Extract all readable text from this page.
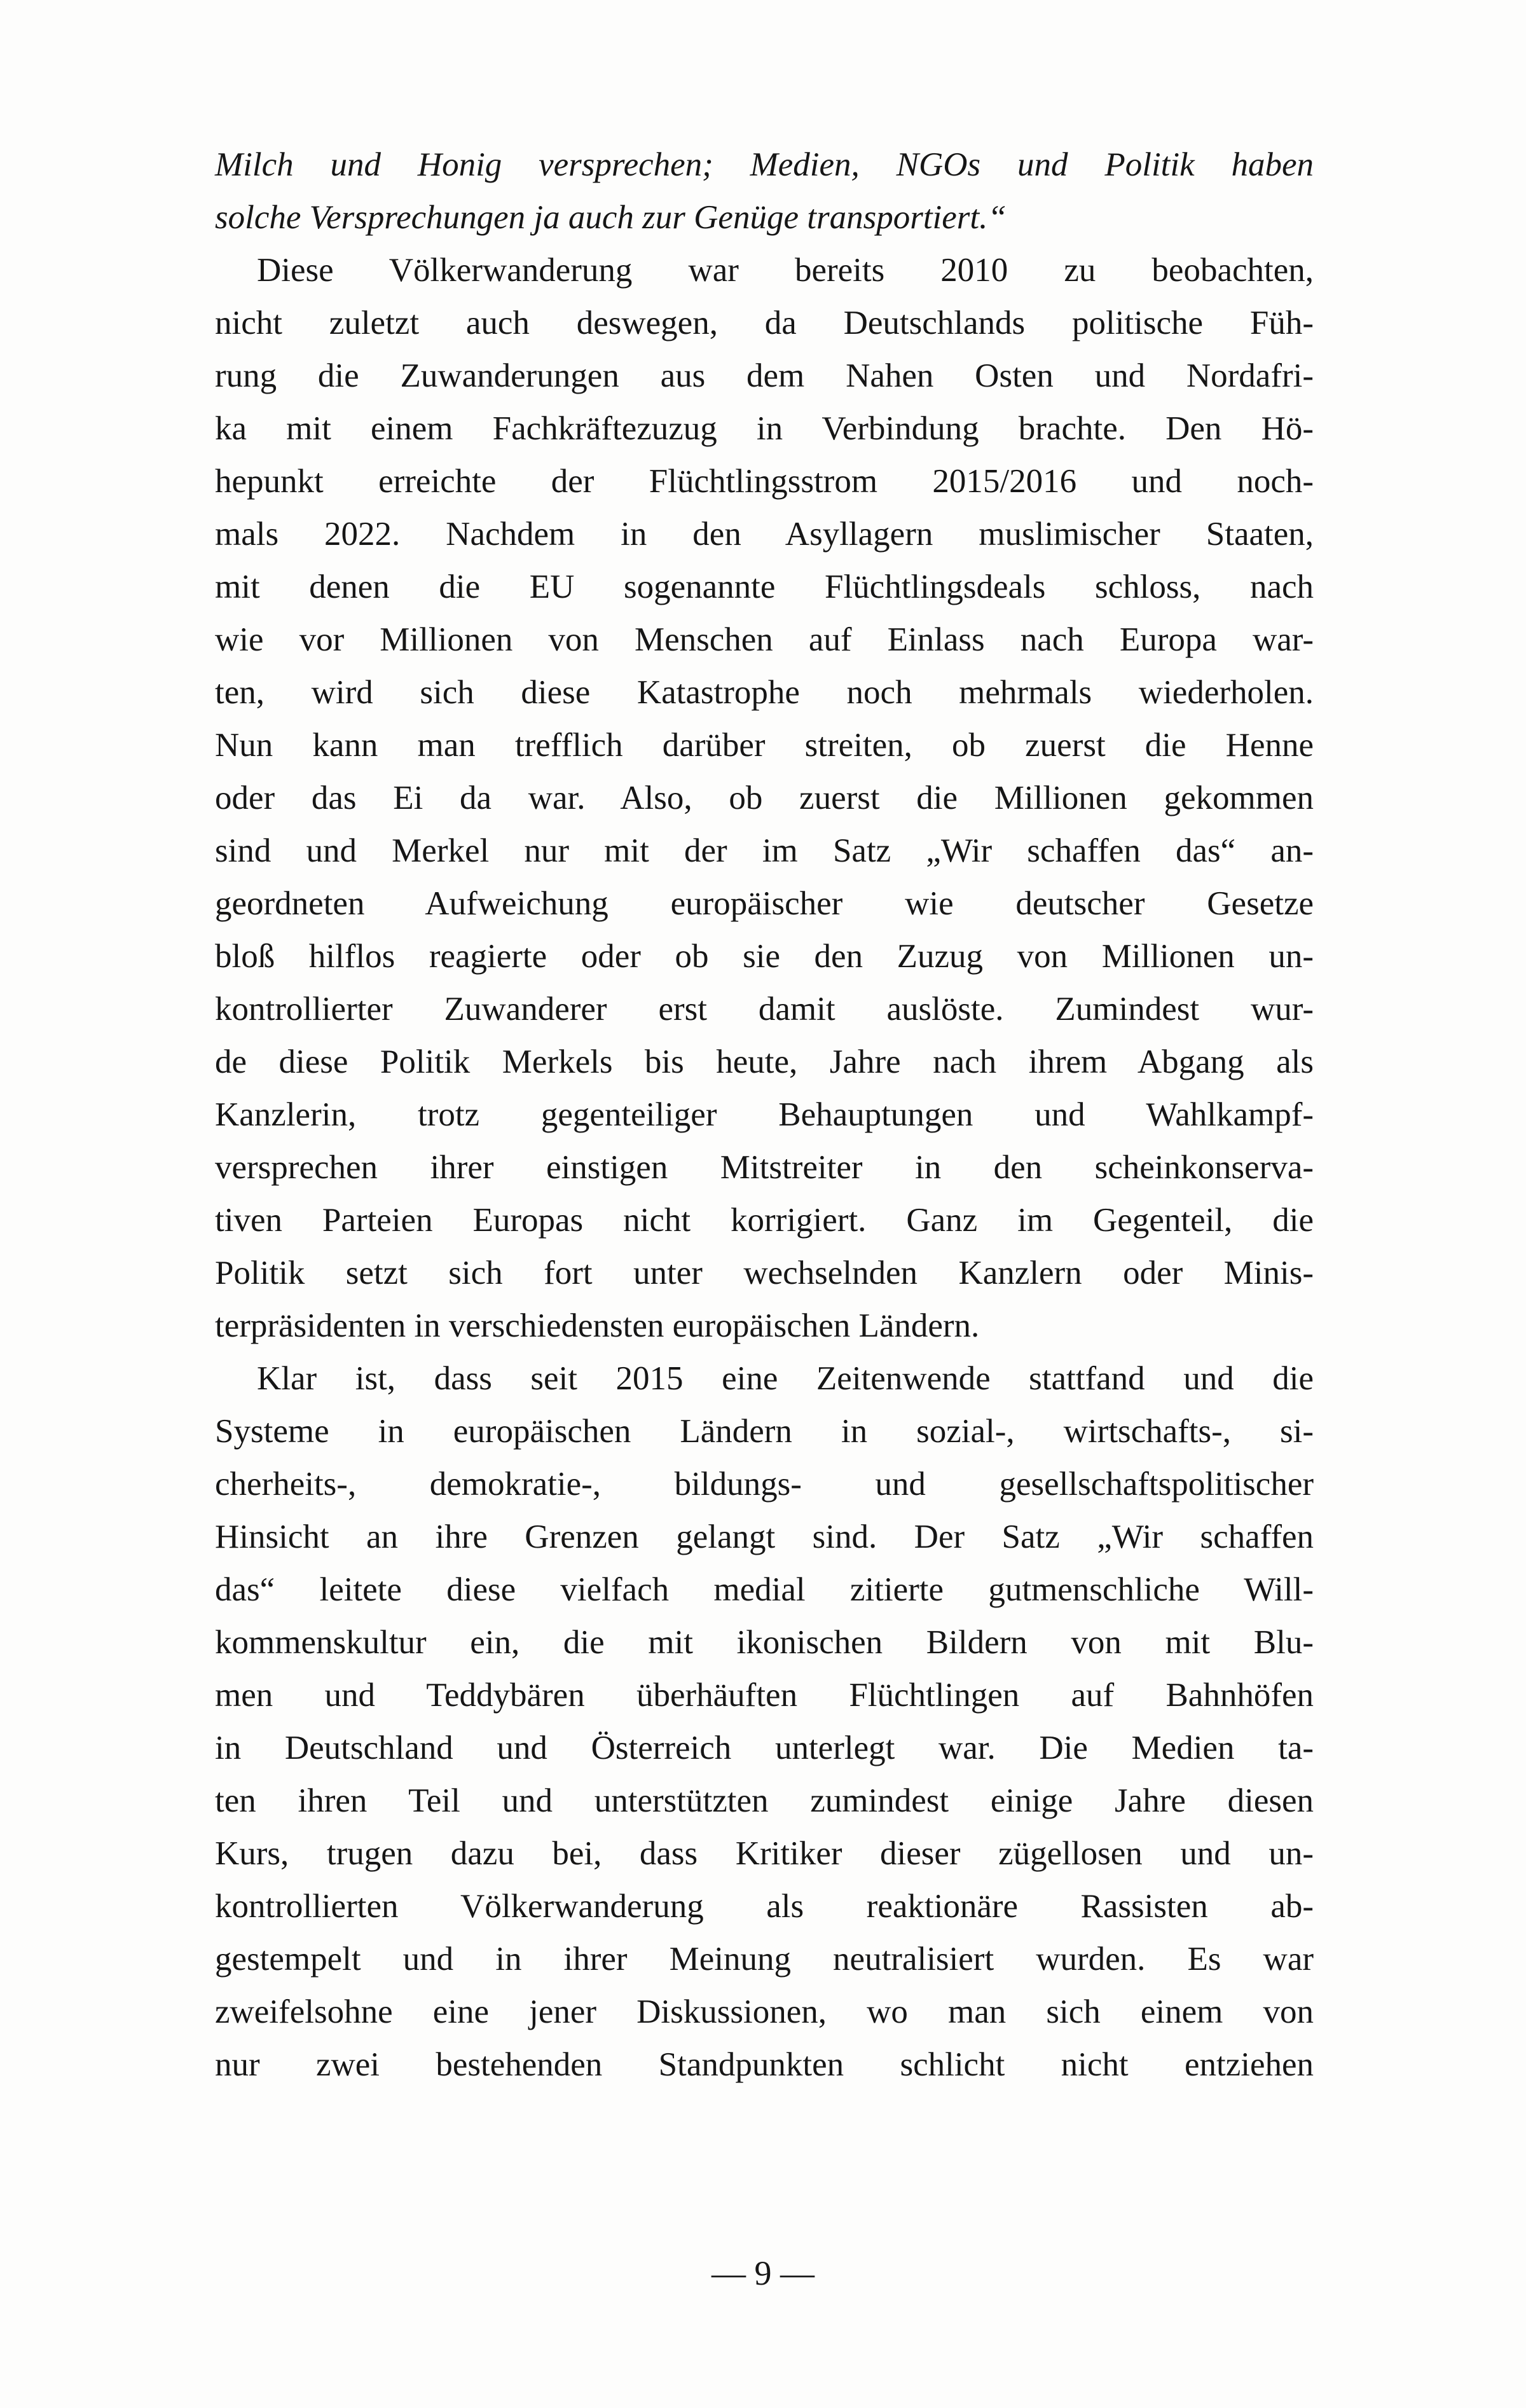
Milch und Honig versprechen; Medien, NGOs und Politik haben
solche Versprechungen ja auch zur Genüge transportiert.“
Diese Völkerwanderung war bereits 2010 zu beobachten,
nicht zuletzt auch deswegen, da Deutschlands politische Füh-
rung die Zuwanderungen aus dem Nahen Osten und Nordafri-
ka mit einem Fachkräftezuzug in Verbindung brachte. Den Hö-
hepunkt erreichte der Flüchtlingsstrom 2015/2016 und noch-
mals 2022. Nachdem in den Asyllagern muslimischer Staaten,
mit denen die EU sogenannte Flüchtlingsdeals schloss, nach
wie vor Millionen von Menschen auf Einlass nach Europa war-
ten, wird sich diese Katastrophe noch mehrmals wiederholen.
Nun kann man trefflich darüber streiten, ob zuerst die Henne
oder das Ei da war. Also, ob zuerst die Millionen gekommen
sind und Merkel nur mit der im Satz „Wir schaffen das“ an-
geordneten Aufweichung europäischer wie deutscher Gesetze
bloß hilflos reagierte oder ob sie den Zuzug von Millionen un-
kontrollierter Zuwanderer erst damit auslöste. Zumindest wur-
de diese Politik Merkels bis heute, Jahre nach ihrem Abgang als
Kanzlerin, trotz gegenteiliger Behauptungen und Wahlkampf-
versprechen ihrer einstigen Mitstreiter in den scheinkonserva-
tiven Parteien Europas nicht korrigiert. Ganz im Gegenteil, die
Politik setzt sich fort unter wechselnden Kanzlern oder Minis-
terpräsidenten in verschiedensten europäischen Ländern.
Klar ist, dass seit 2015 eine Zeitenwende stattfand und die
Systeme in europäischen Ländern in sozial-, wirtschafts-, si-
cherheits-, demokratie-, bildungs- und gesellschaftspolitischer
Hinsicht an ihre Grenzen gelangt sind. Der Satz „Wir schaffen
das“ leitete diese vielfach medial zitierte gutmenschliche Will-
kommenskultur ein, die mit ikonischen Bildern von mit Blu-
men und Teddybären überhäuften Flüchtlingen auf Bahnhöfen
in Deutschland und Österreich unterlegt war. Die Medien ta-
ten ihren Teil und unterstützten zumindest einige Jahre diesen
Kurs, trugen dazu bei, dass Kritiker dieser zügellosen und un-
kontrollierten Völkerwanderung als reaktionäre Rassisten ab-
gestempelt und in ihrer Meinung neutralisiert wurden. Es war
zweifelsohne eine jener Diskussionen, wo man sich einem von
nur zwei bestehenden Standpunkten schlicht nicht entziehen
— 9 —
